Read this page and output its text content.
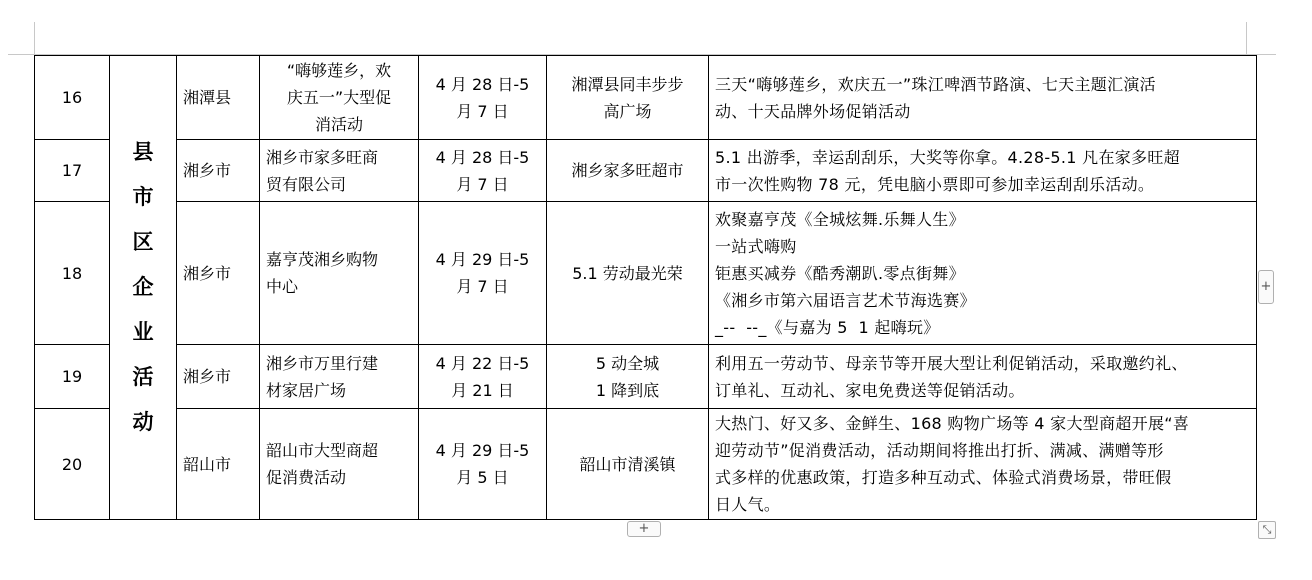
16	县市区企业活动	湘潭县	“嗨够莲乡，欢
庆五一”大型促
消活动	4 月 28 日-5
月 7 日	湘潭县同丰步步
高广场	三天“嗨够莲乡，欢庆五一”珠江啤酒节路演、七天主题汇演活
动、十天品牌外场促销活动

17		湘乡市	湘乡市家多旺商
贸有限公司	4 月 28 日-5
月 7 日	湘乡家多旺超市	5.1 出游季，幸运刮刮乐，大奖等你拿。4.28-5.1 凡在家多旺超
市一次性购物 78 元，凭电脑小票即可参加幸运刮刮乐活动。

18		湘乡市	嘉亨茂湘乡购物
中心	4 月 29 日-5
月 7 日	5.1 劳动最光荣	欢聚嘉亨茂《全城炫舞.乐舞人生》
一站式嗨购
钜惠买减券《酷秀潮趴.零点街舞》
《湘乡市第六届语言艺术节海选赛》
_--  --_《与嘉为 5  1 起嗨玩》

19		湘乡市	湘乡市万里行建
材家居广场	4 月 22 日-5
月 21 日	5 动全城
1 降到底	利用五一劳动节、母亲节等开展大型让利促销活动，采取邀约礼、
订单礼、互动礼、家电免费送等促销活动。

20		韶山市	韶山市大型商超
促消费活动	4 月 29 日-5
月 5 日	韶山市清溪镇	大热门、好又多、金鲜生、168 购物广场等 4 家大型商超开展“喜
迎劳动节”促消费活动，活动期间将推出打折、满减、满赠等形
式多样的优惠政策，打造多种互动式、体验式消费场景，带旺假
日人气。
+
+	⤡
